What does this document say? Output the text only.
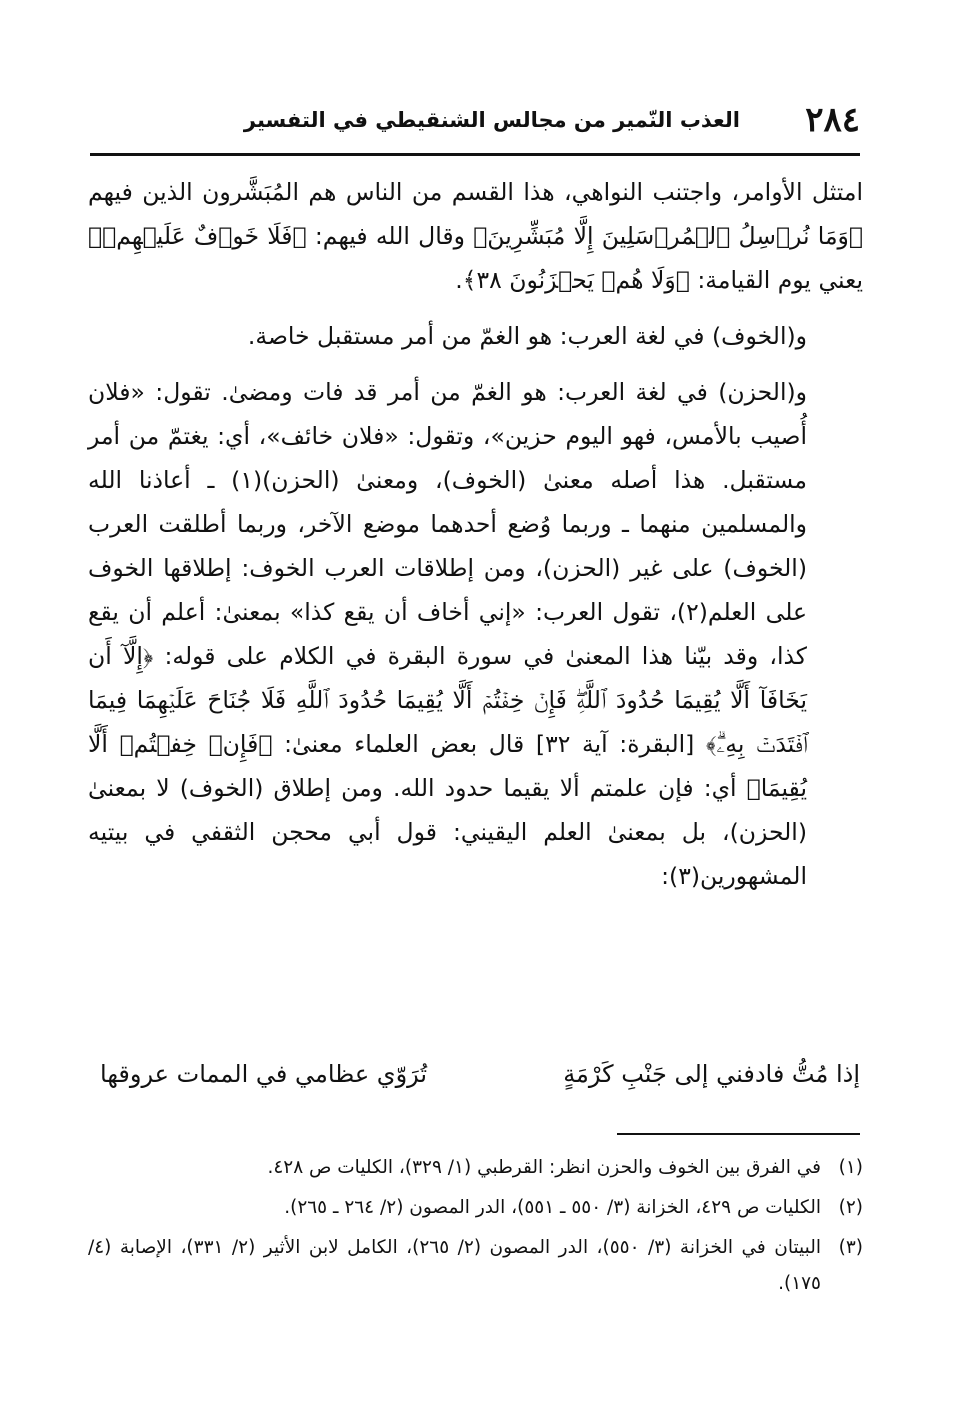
٢٨٤
العذب النّمير من مجالس الشنقيطي في التفسير

امتثل الأوامر، واجتنب النواهي، هذا القسم من الناس هم المُبَشَّرون الذين فيهم ﴿وَمَا نُرۡسِلُ ٱلۡمُرۡسَلِينَ إِلَّا مُبَشِّرِينَ﴾ وقال الله فيهم: ﴿فَلَا خَوۡفٌ عَلَيۡهِمۡ﴾ يعني يوم القيامة: ﴿وَلَا هُمۡ يَحۡزَنُونَ ٣٨﴾.

و(الخوف) في لغة العرب: هو الغمّ من أمر مستقبل خاصة.

و(الحزن) في لغة العرب: هو الغمّ من أمر قد فات ومضىٰ. تقول: «فلان أُصيب بالأمس، فهو اليوم حزين»، وتقول: «فلان خائف»، أي: يغتمّ من أمر مستقبل. هذا أصله معنىٰ (الخوف)، ومعنىٰ (الحزن)(١) ـ أعاذنا الله والمسلمين منهما ـ وربما وُضع أحدهما موضع الآخر، وربما أطلقت العرب (الخوف) على غير (الحزن)، ومن إطلاقات العرب الخوف: إطلاقها الخوف على العلم(٢)، تقول العرب: «إني أخاف أن يقع كذا» بمعنىٰ: أعلم أن يقع كذا، وقد بيّنا هذا المعنىٰ في سورة البقرة في الكلام على قوله: ﴿إِلَّآ أَن يَخَافَآ أَلَّا يُقِيمَا حُدُودَ ٱللَّهِۖ فَإِنۡ خِفۡتُمۡ أَلَّا يُقِيمَا حُدُودَ ٱللَّهِ فَلَا جُنَاحَ عَلَيۡهِمَا فِيمَا ٱفۡتَدَتۡ بِهِۦۗ﴾ [البقرة: آية ٣٢] قال بعض العلماء معنىٰ: ﴿فَإِنۡ خِفۡتُمۡ أَلَّا يُقِيمَا﴾ أي: فإن علمتم ألا يقيما حدود الله. ومن إطلاق (الخوف) لا بمعنىٰ (الحزن)، بل بمعنىٰ العلم اليقيني: قول أبي محجن الثقفي في بيتيه المشهورين(٣):

إذا مُتُّ فادفني إلى جَنْبِ كَرْمَةٍ
تُرَوّي عظامي في الممات عروقها
(١)
في الفرق بين الخوف والحزن انظر: القرطبي (١/ ٣٢٩)، الكليات ص ٤٢٨.
(٢)
الكليات ص ٤٢٩، الخزانة (٣/ ٥٥٠ ـ ٥٥١)، الدر المصون (٢/ ٢٦٤ ـ ٢٦٥).
(٣)
البيتان في الخزانة (٣/ ٥٥٠)، الدر المصون (٢/ ٢٦٥)، الكامل لابن الأثير (٢/ ٣٣١)، الإصابة (٤/ ١٧٥).
